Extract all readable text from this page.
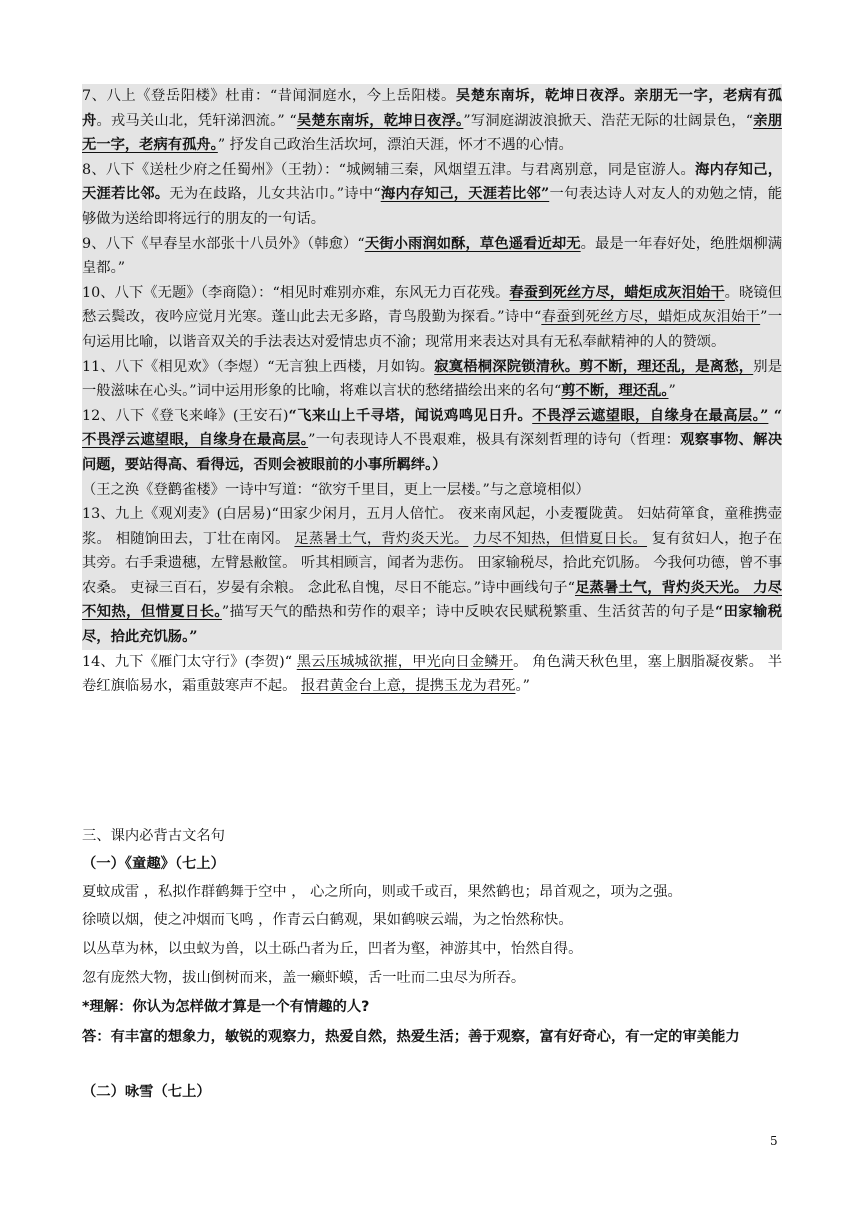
7、八上《登岳阳楼》杜甫：“昔闻洞庭水，今上岳阳楼。吴楚东南坼，乾坤日夜浮。亲朋无一字，老病有孤舟。戎马关山北，凭轩涕泗流。” “吴楚东南坼，乾坤日夜浮。”写洞庭湖波浪掀天、浩茫无际的壮阔景色，“亲朋无一字，老病有孤舟。” 抒发自己政治生活坎坷，漂泊天涯，怀才不遇的心情。

8、八下《送杜少府之任蜀州》（王勃）：“城阙辅三秦，风烟望五津。与君离别意，同是宦游人。海内存知己，天涯若比邻。无为在歧路，儿女共沾巾。”诗中“海内存知己，天涯若比邻”一句表达诗人对友人的劝勉之情，能够做为送给即将远行的朋友的一句话。

9、八下《早春呈水部张十八员外》（韩愈）“天街小雨润如酥，草色遥看近却无。最是一年春好处，绝胜烟柳满皇都。”

10、八下《无题》（李商隐）：“相见时难别亦难，东风无力百花残。春蚕到死丝方尽，蜡炬成灰泪始干。晓镜但愁云鬓改，夜吟应觉月光寒。蓬山此去无多路，青鸟殷勤为探看。”诗中“春蚕到死丝方尽，蜡炬成灰泪始干”一句运用比喻，以谐音双关的手法表达对爱情忠贞不渝；现常用来表达对具有无私奉献精神的人的赞颂。

11、八下《相见欢》（李煜）“无言独上西楼，月如钩。寂寞梧桐深院锁清秋。剪不断，理还乱，是离愁，别是一般滋味在心头。”词中运用形象的比喻，将难以言状的愁绪描绘出来的名句“剪不断，理还乱。”

12、八下《登飞来峰》(王安石)“飞来山上千寻塔，闻说鸡鸣见日升。不畏浮云遮望眼，自缘身在最高层。” “ 不畏浮云遮望眼，自缘身在最高层。”一句表现诗人不畏艰难，极具有深刻哲理的诗句（哲理：观察事物、解决问题，要站得高、看得远，否则会被眼前的小事所羁绊。）

（王之涣《登鹳雀楼》一诗中写道：“欲穷千里目，更上一层楼。”与之意境相似）

13、九上《观刈麦》(白居易)“田家少闲月，五月人倍忙。 夜来南风起，小麦覆陇黄。 妇姑荷箪食，童稚携壶浆。 相随饷田去，丁壮在南冈。 足蒸暑土气，背灼炎天光。 力尽不知热，但惜夏日长。 复有贫妇人，抱子在其旁。右手秉遗穗，左臂悬敝筐。 听其相顾言，闻者为悲伤。 田家输税尽，拾此充饥肠。 今我何功德，曾不事农桑。 吏禄三百石，岁晏有余粮。 念此私自愧，尽日不能忘。”诗中画线句子“足蒸暑土气，背灼炎天光。 力尽不知热，但惜夏日长。”描写天气的酷热和劳作的艰辛；诗中反映农民赋税繁重、生活贫苦的句子是“田家输税尽，拾此充饥肠。”

14、九下《雁门太守行》(李贺)“ 黑云压城城欲摧，甲光向日金鳞开。 角色满天秋色里，塞上胭脂凝夜紫。 半卷红旗临易水，霜重鼓寒声不起。 报君黄金台上意，提携玉龙为君死。”

三、课内必背古文名句

（一）《童趣》（七上）

夏蚊成雷 ，私拟作群鹤舞于空中 ， 心之所向，则或千或百，果然鹤也；昂首观之，项为之强。

徐喷以烟，使之冲烟而飞鸣 ，作青云白鹤观，果如鹤唳云端，为之怡然称快。

以丛草为林，以虫蚁为兽，以土砾凸者为丘，凹者为壑，神游其中，怡然自得。

忽有庞然大物，拔山倒树而来，盖一癞虾蟆，舌一吐而二虫尽为所吞。

*理解：你认为怎样做才算是一个有情趣的人?

答：有丰富的想象力，敏锐的观察力，热爱自然，热爱生活；善于观察，富有好奇心，有一定的审美能力

（二）咏雪（七上）

5
